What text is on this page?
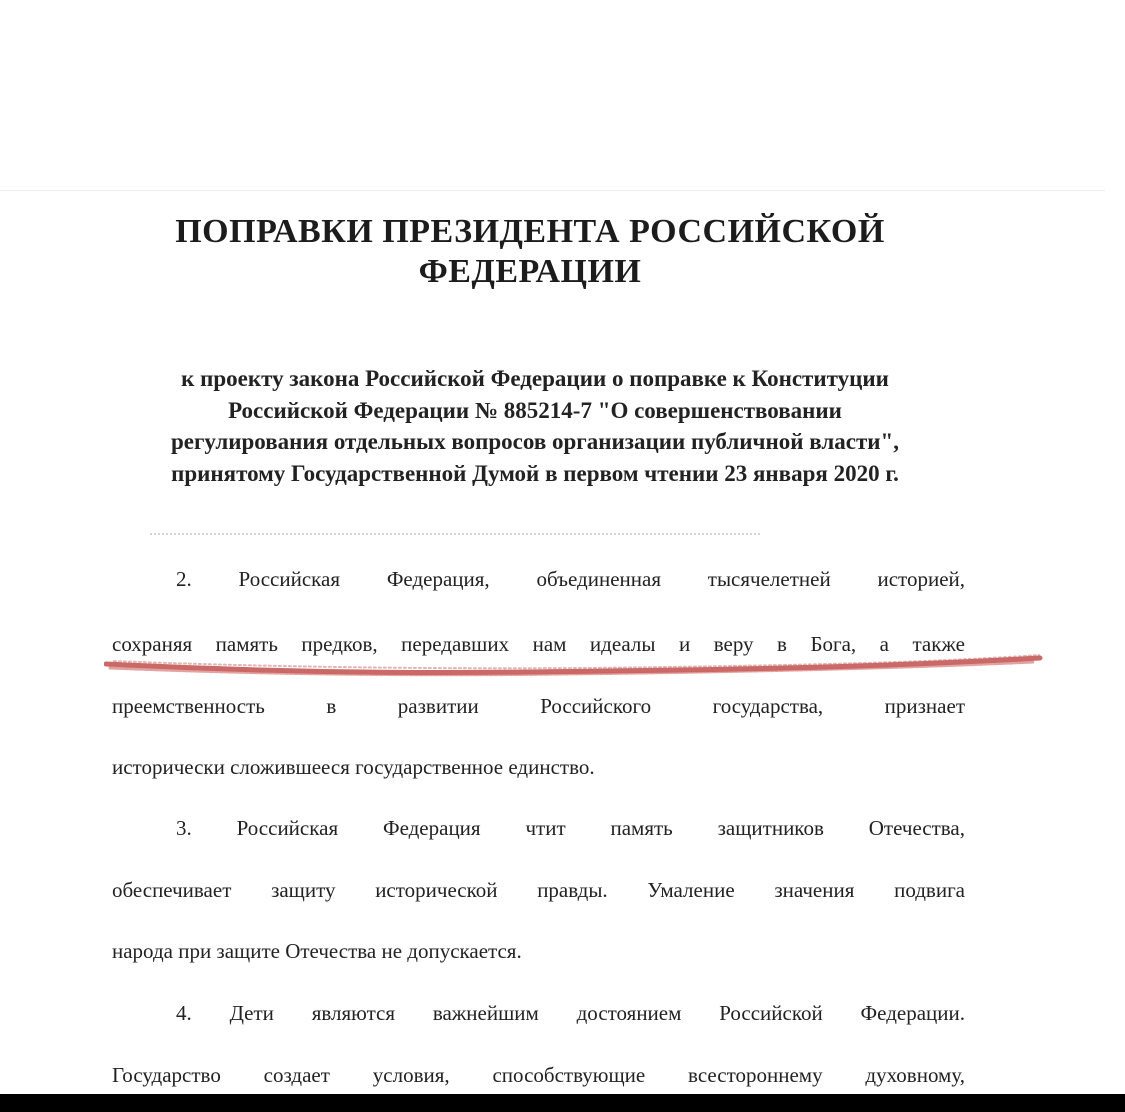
ПОПРАВКИ ПРЕЗИДЕНТА РОССИЙСКОЙ
ФЕДЕРАЦИИ
к проекту закона Российской Федерации о поправке к Конституции
Российской Федерации № 885214-7 "О совершенствовании
регулирования отдельных вопросов организации публичной власти",
принятому Государственной Думой в первом чтении 23 января 2020 г.
2. Российская Федерация, объединенная тысячелетней историей,
сохраняя память предков, передавших нам идеалы и веру в Бога, а также
преемственность в развитии Российского государства, признает
исторически сложившееся государственное единство.
3. Российская Федерация чтит память защитников Отечества,
обеспечивает защиту исторической правды. Умаление значения подвига
народа при защите Отечества не допускается.
4. Дети являются важнейшим достоянием Российской Федерации.
Государство создает условия, способствующие всестороннему духовному,
